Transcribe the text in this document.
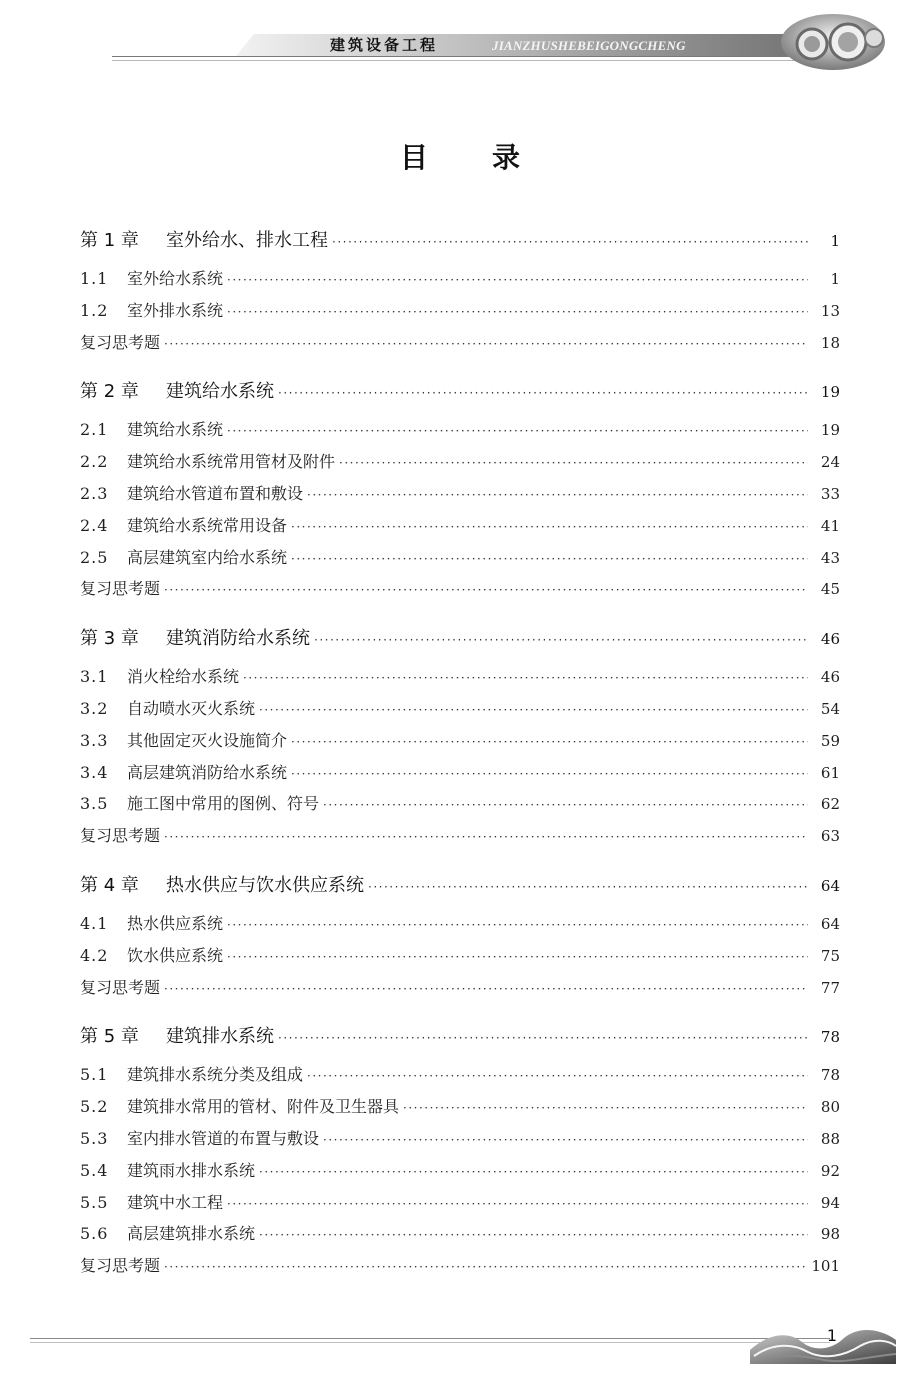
建筑设备工程	JIANZHUSHEBEIGONGCHENG
目录
第 1 章 室外给水、排水工程 ·····	1
1.1 室外给水系统 ·····	1
1.2 室外排水系统 ·····	13
复习思考题 ·····	18
第 2 章 建筑给水系统 ·····	19
2.1 建筑给水系统 ·····	19
2.2 建筑给水系统常用管材及附件 ·····	24
2.3 建筑给水管道布置和敷设 ·····	33
2.4 建筑给水系统常用设备 ·····	41
2.5 高层建筑室内给水系统 ·····	43
复习思考题 ·····	45
第 3 章 建筑消防给水系统 ·····	46
3.1 消火栓给水系统 ·····	46
3.2 自动喷水灭火系统 ·····	54
3.3 其他固定灭火设施简介 ·····	59
3.4 高层建筑消防给水系统 ·····	61
3.5 施工图中常用的图例、符号 ·····	62
复习思考题 ·····	63
第 4 章 热水供应与饮水供应系统 ·····	64
4.1 热水供应系统 ·····	64
4.2 饮水供应系统 ·····	75
复习思考题 ·····	77
第 5 章 建筑排水系统 ·····	78
5.1 建筑排水系统分类及组成 ·····	78
5.2 建筑排水常用的管材、附件及卫生器具 ·····	80
5.3 室内排水管道的布置与敷设 ·····	88
5.4 建筑雨水排水系统 ·····	92
5.5 建筑中水工程 ·····	94
5.6 高层建筑排水系统 ·····	98
复习思考题 ·····	101
1
